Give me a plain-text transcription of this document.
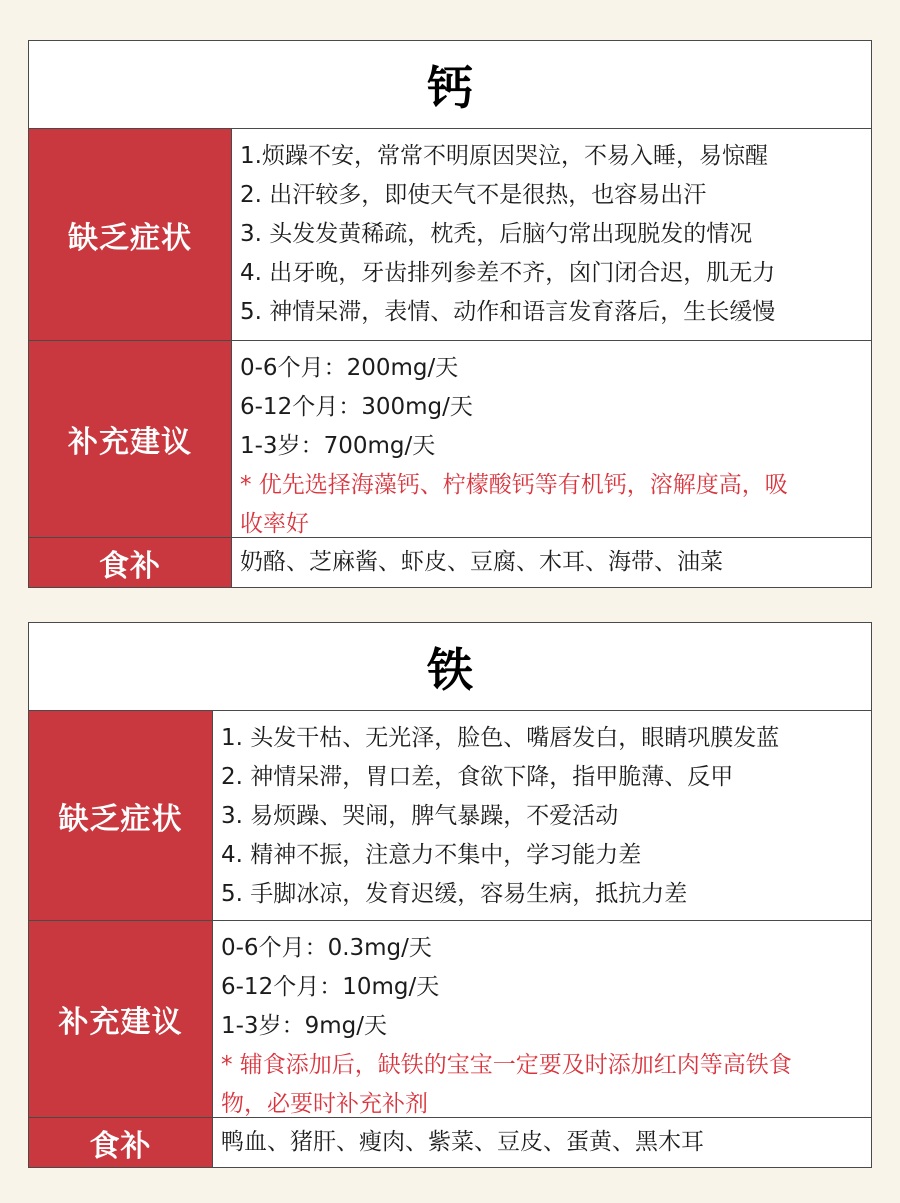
钙
缺乏症状
1.烦躁不安，常常不明原因哭泣，不易入睡，易惊醒
2. 出汗较多，即使天气不是很热，也容易出汗
3. 头发发黄稀疏，枕秃，后脑勺常出现脱发的情况
4. 出牙晚，牙齿排列参差不齐，囟门闭合迟，肌无力
5. 神情呆滞，表情、动作和语言发育落后，生长缓慢
补充建议
0-6个月：200mg/天
6-12个月：300mg/天
1-3岁：700mg/天
* 优先选择海藻钙、柠檬酸钙等有机钙，溶解度高，吸
收率好
食补	奶酪、芝麻酱、虾皮、豆腐、木耳、海带、油菜
铁
缺乏症状
1. 头发干枯、无光泽，脸色、嘴唇发白，眼睛巩膜发蓝
2. 神情呆滞，胃口差，食欲下降，指甲脆薄、反甲
3. 易烦躁、哭闹，脾气暴躁，不爱活动
4. 精神不振，注意力不集中，学习能力差
5. 手脚冰凉，发育迟缓，容易生病，抵抗力差
补充建议
0-6个月：0.3mg/天
6-12个月：10mg/天
1-3岁：9mg/天
* 辅食添加后，缺铁的宝宝一定要及时添加红肉等高铁食
物，必要时补充补剂
食补	鸭血、猪肝、瘦肉、紫菜、豆皮、蛋黄、黑木耳
